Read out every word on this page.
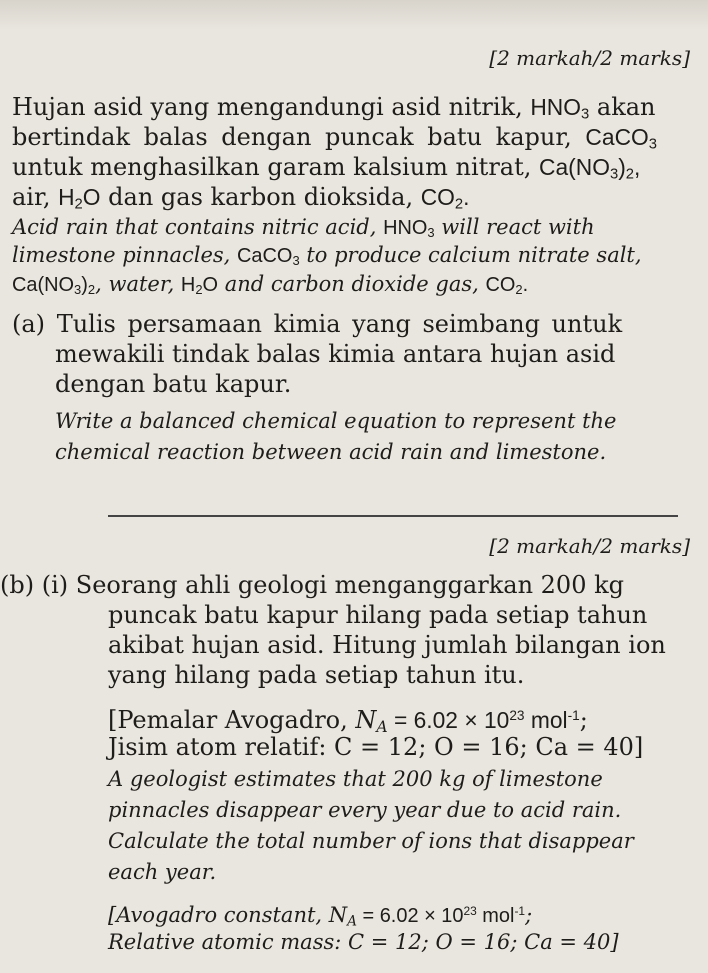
[2 markah/2 marks]
Hujan asid yang mengandungi asid nitrik, $HNO_3$ akan
bertindak balas dengan puncak batu kapur, CaCO$_3$
untuk menghasilkan garam kalsium nitrat, $Ca(NO_3)_2$,
air, $H_2O$ dan gas karbon dioksida, $CO_2$.
Acid rain that contains nitric acid, $HNO_3$ will react with
limestone pinnacles, CaCO$_3$ to produce calcium nitrate salt,
$Ca(NO_3)_2$, water, $H_2O$ and carbon dioxide gas, $CO_2$.
(a) Tulis persamaan kimia yang seimbang untuk
mewakili tindak balas kimia antara hujan asid
dengan batu kapur.
Write a balanced chemical equation to represent the
chemical reaction between acid rain and limestone.
[2 markah/2 marks]
(b) (i) Seorang ahli geologi menganggarkan 200 kg
puncak batu kapur hilang pada setiap tahun
akibat hujan asid. Hitung jumlah bilangan ion
yang hilang pada setiap tahun itu.
[Pemalar Avogadro, $N_A = 6.02 \times 10^{23}$ mol$^{-1}$;
Jisim atom relatif: C = 12; O = 16; Ca = 40]
A geologist estimates that 200 kg of limestone
pinnacles disappear every year due to acid rain.
Calculate the total number of ions that disappear
each year.
[Avogadro constant, $N_A = 6.02 \times 10^{23}$ mol$^{-1}$;
Relative atomic mass: C = 12; O = 16; Ca = 40]
